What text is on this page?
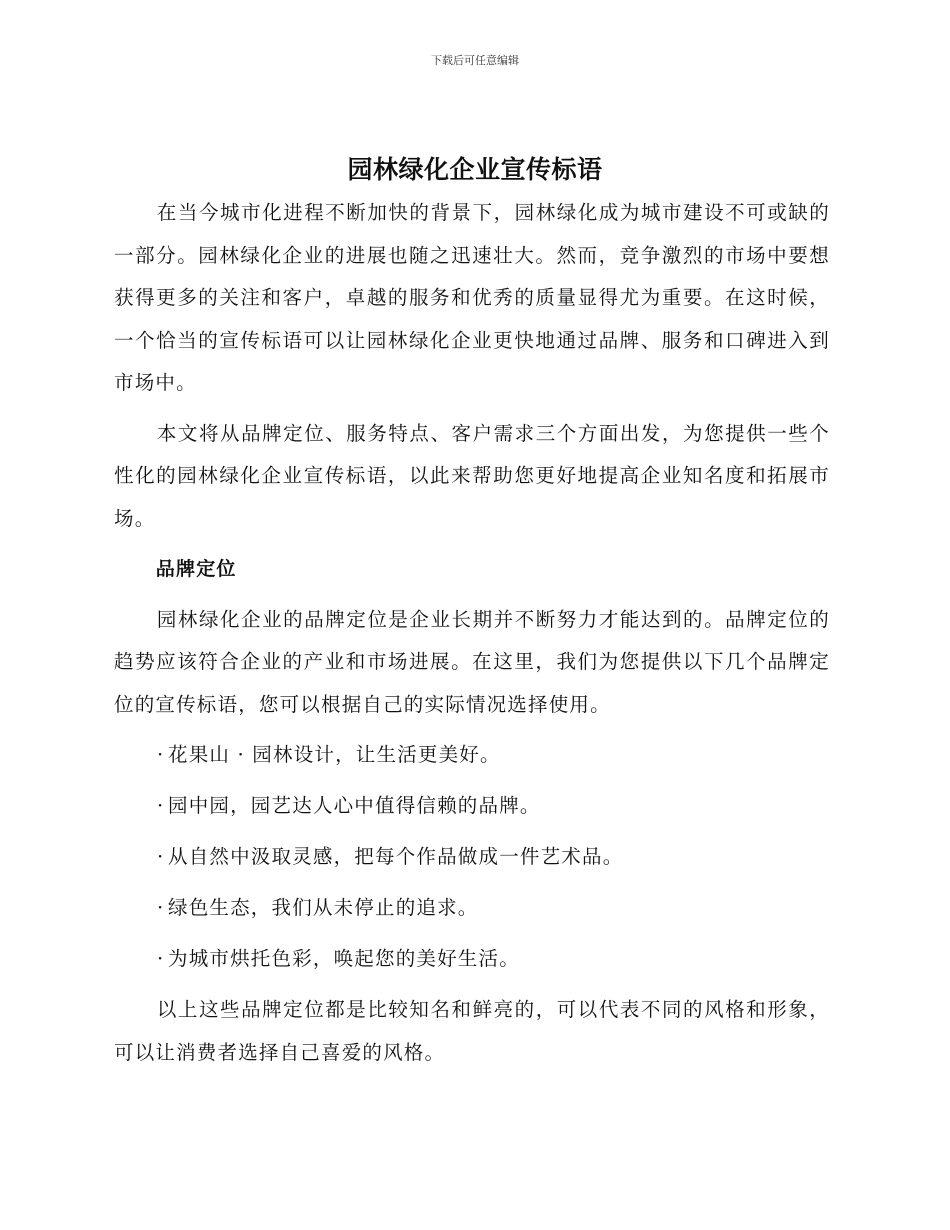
下载后可任意编辑
园林绿化企业宣传标语

在当今城市化进程不断加快的背景下，园林绿化成为城市建设不可或缺的一部分。园林绿化企业的进展也随之迅速壮大。然而，竞争激烈的市场中要想获得更多的关注和客户，卓越的服务和优秀的质量显得尤为重要。在这时候，一个恰当的宣传标语可以让园林绿化企业更快地通过品牌、服务和口碑进入到市场中。

本文将从品牌定位、服务特点、客户需求三个方面出发，为您提供一些个性化的园林绿化企业宣传标语，以此来帮助您更好地提高企业知名度和拓展市场。

品牌定位

园林绿化企业的品牌定位是企业长期并不断努力才能达到的。品牌定位的趋势应该符合企业的产业和市场进展。在这里，我们为您提供以下几个品牌定位的宣传标语，您可以根据自己的实际情况选择使用。

· 花果山 · 园林设计，让生活更美好。
· 园中园，园艺达人心中值得信赖的品牌。
· 从自然中汲取灵感，把每个作品做成一件艺术品。
· 绿色生态，我们从未停止的追求。
· 为城市烘托色彩，唤起您的美好生活。

以上这些品牌定位都是比较知名和鲜亮的，可以代表不同的风格和形象，可以让消费者选择自己喜爱的风格。
